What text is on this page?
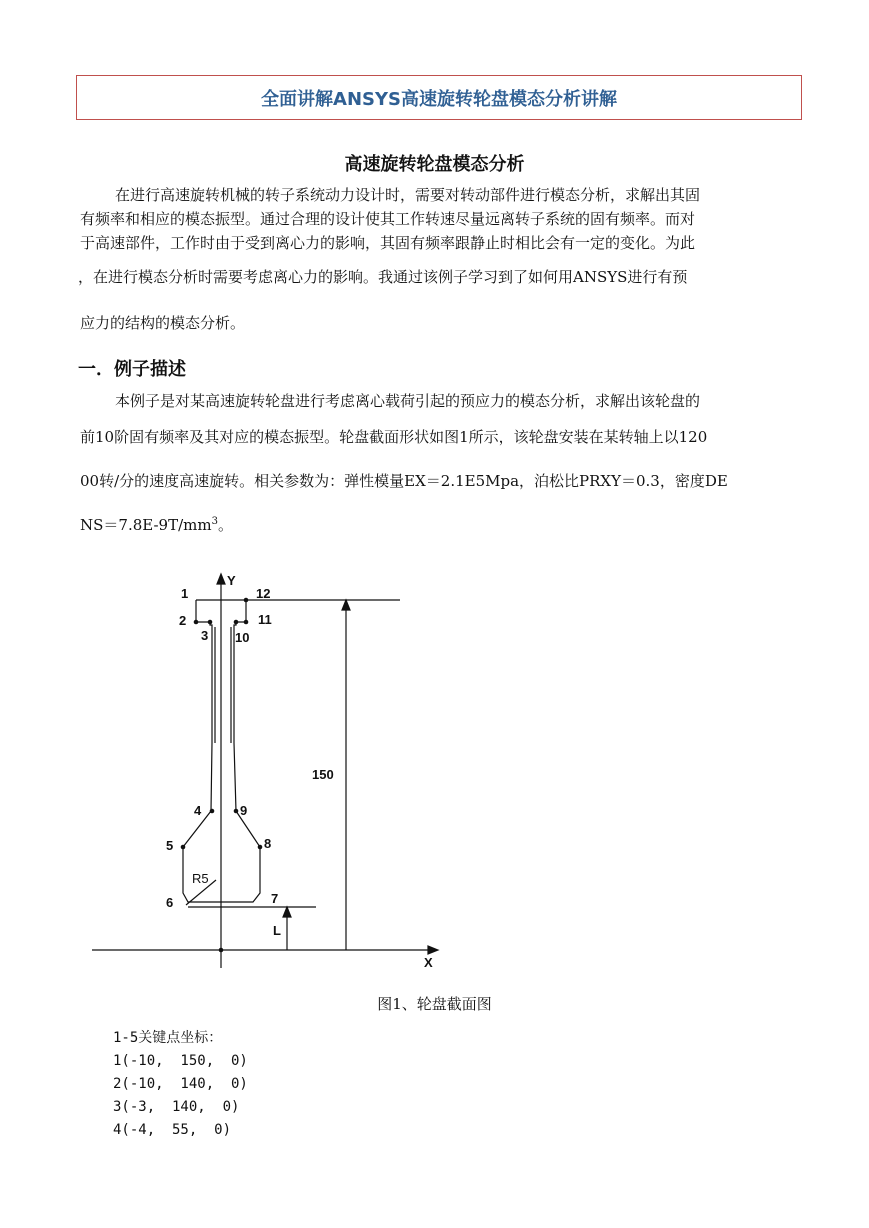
全面讲解ANSYS高速旋转轮盘模态分析讲解
高速旋转轮盘模态分析
在进行高速旋转机械的转子系统动力设计时，需要对转动部件进行模态分析，求解出其固
有频率和相应的模态振型。通过合理的设计使其工作转速尽量远离转子系统的固有频率。而对
于高速部件，工作时由于受到离心力的影响，其固有频率跟静止时相比会有一定的变化。为此
，在进行模态分析时需要考虑离心力的影响。我通过该例子学习到了如何用ANSYS进行有预
应力的结构的模态分析。
一．例子描述
本例子是对某高速旋转轮盘进行考虑离心载荷引起的预应力的模态分析，求解出该轮盘的
前10阶固有频率及其对应的模态振型。轮盘截面形状如图1所示，该轮盘安装在某转轴上以120
00转/分的速度高速旋转。相关参数为：弹性模量EX＝2.1E5Mpa，泊松比PRXY＝0.3，密度DE
$NS=7.8E-9T/mm^3$。
Y
X
150
L
R5
1
2
3
4
5
6	7
8
9
10
11
12
图1、轮盘截面图
1-5关键点坐标：
1(-10,  150,  0)
2(-10,  140,  0)
3(-3,  140,  0)
4(-4,  55,  0)
